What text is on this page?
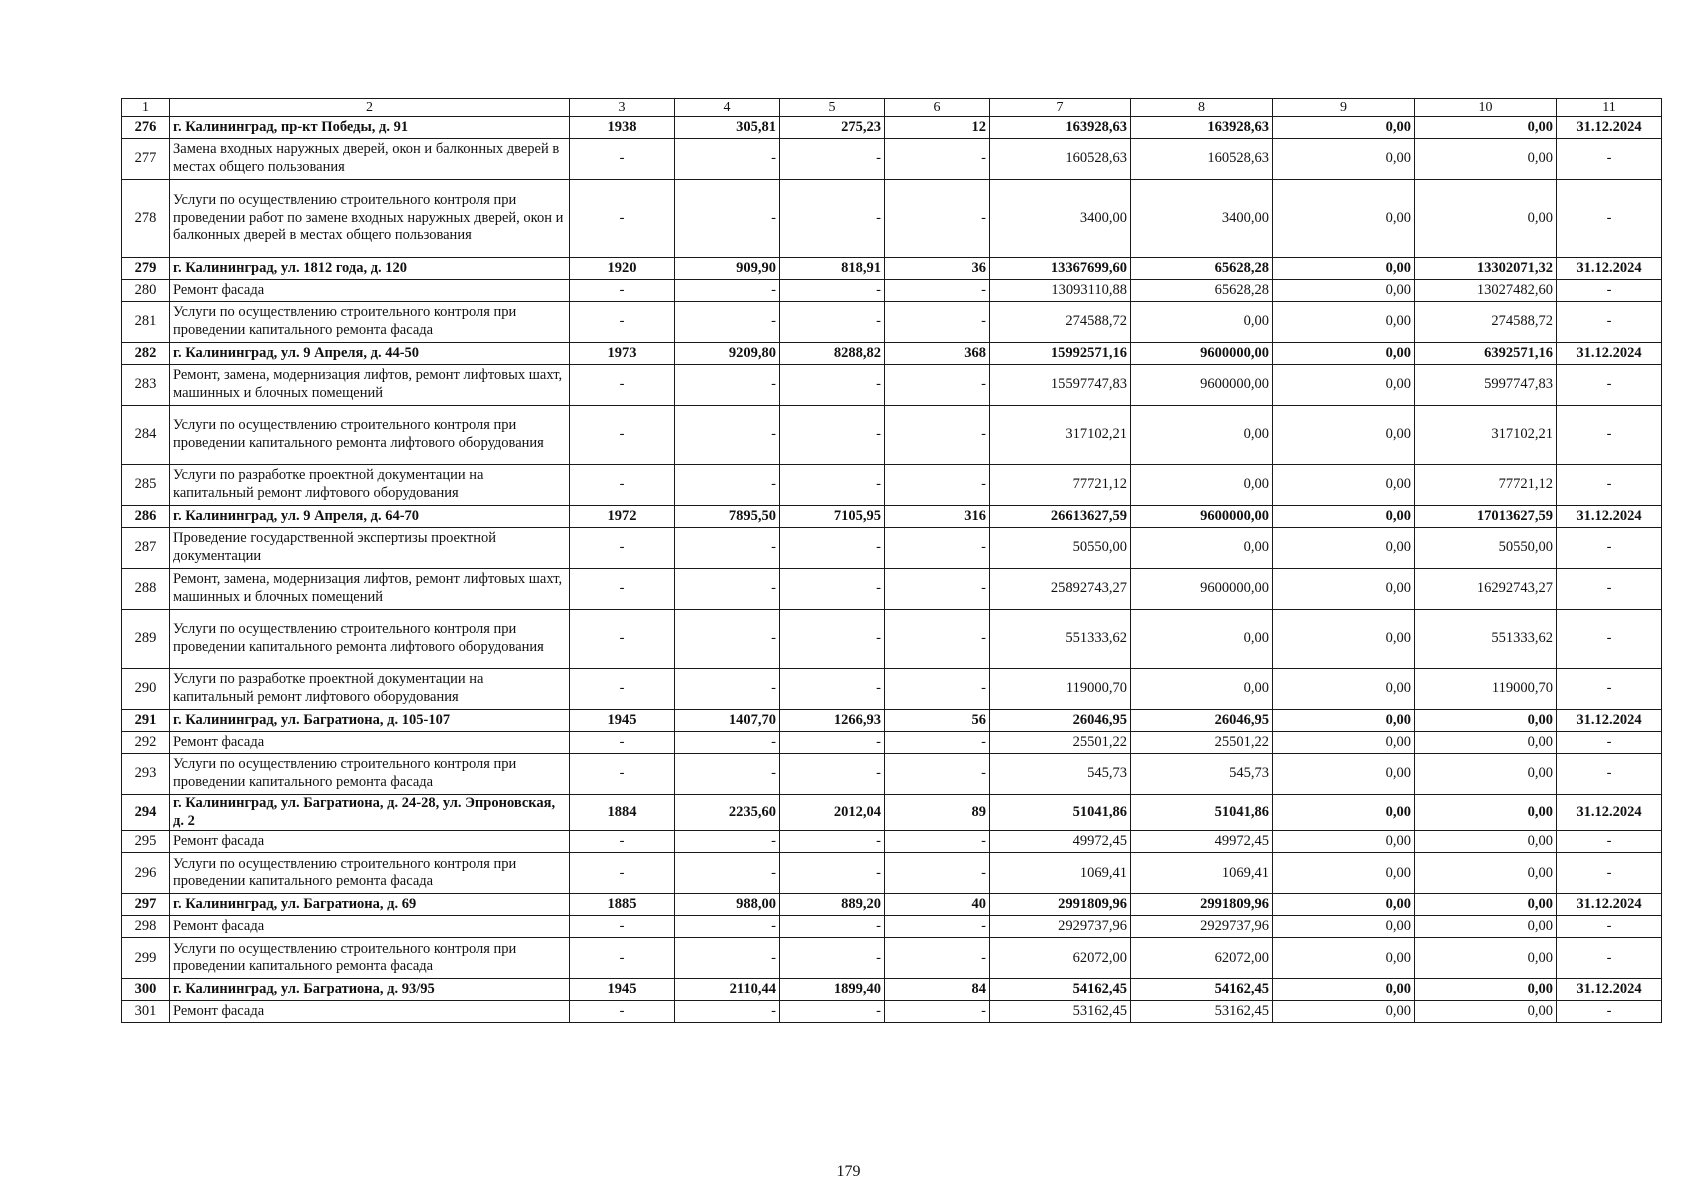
1	2	3	4	5	6	7	8	9	10	11
276	г. Калининград, пр-кт Победы, д. 91	1938	305,81	275,23	12	163928,63	163928,63	0,00	0,00	31.12.2024
277	Замена входных наружных дверей, окон и балконных дверей в местах общего пользования	-	-	-	-	160528,63	160528,63	0,00	0,00	-
278	Услуги по осуществлению строительного контроля при проведении работ по замене входных наружных дверей, окон и балконных дверей в местах общего пользования	-	-	-	-	3400,00	3400,00	0,00	0,00	-
279	г. Калининград, ул. 1812 года, д. 120	1920	909,90	818,91	36	13367699,60	65628,28	0,00	13302071,32	31.12.2024
280	Ремонт фасада	-	-	-	-	13093110,88	65628,28	0,00	13027482,60	-
281	Услуги по осуществлению строительного контроля при проведении капитального ремонта фасада	-	-	-	-	274588,72	0,00	0,00	274588,72	-
282	г. Калининград, ул. 9 Апреля, д. 44-50	1973	9209,80	8288,82	368	15992571,16	9600000,00	0,00	6392571,16	31.12.2024
283	Ремонт, замена, модернизация лифтов, ремонт лифтовых шахт, машинных и блочных помещений	-	-	-	-	15597747,83	9600000,00	0,00	5997747,83	-
284	Услуги по осуществлению строительного контроля при проведении капитального ремонта лифтового оборудования	-	-	-	-	317102,21	0,00	0,00	317102,21	-
285	Услуги по разработке проектной документации на капитальный ремонт лифтового оборудования	-	-	-	-	77721,12	0,00	0,00	77721,12	-
286	г. Калининград, ул. 9 Апреля, д. 64-70	1972	7895,50	7105,95	316	26613627,59	9600000,00	0,00	17013627,59	31.12.2024
287	Проведение государственной экспертизы проектной документации	-	-	-	-	50550,00	0,00	0,00	50550,00	-
288	Ремонт, замена, модернизация лифтов, ремонт лифтовых шахт, машинных и блочных помещений	-	-	-	-	25892743,27	9600000,00	0,00	16292743,27	-
289	Услуги по осуществлению строительного контроля при проведении капитального ремонта лифтового оборудования	-	-	-	-	551333,62	0,00	0,00	551333,62	-
290	Услуги по разработке проектной документации на капитальный ремонт лифтового оборудования	-	-	-	-	119000,70	0,00	0,00	119000,70	-
291	г. Калининград, ул. Багратиона, д. 105-107	1945	1407,70	1266,93	56	26046,95	26046,95	0,00	0,00	31.12.2024
292	Ремонт фасада	-	-	-	-	25501,22	25501,22	0,00	0,00	-
293	Услуги по осуществлению строительного контроля при проведении капитального ремонта фасада	-	-	-	-	545,73	545,73	0,00	0,00	-
294	г. Калининград, ул. Багратиона, д. 24-28, ул. Эпроновская, д. 2	1884	2235,60	2012,04	89	51041,86	51041,86	0,00	0,00	31.12.2024
295	Ремонт фасада	-	-	-	-	49972,45	49972,45	0,00	0,00	-
296	Услуги по осуществлению строительного контроля при проведении капитального ремонта фасада	-	-	-	-	1069,41	1069,41	0,00	0,00	-
297	г. Калининград, ул. Багратиона, д. 69	1885	988,00	889,20	40	2991809,96	2991809,96	0,00	0,00	31.12.2024
298	Ремонт фасада	-	-	-	-	2929737,96	2929737,96	0,00	0,00	-
299	Услуги по осуществлению строительного контроля при проведении капитального ремонта фасада	-	-	-	-	62072,00	62072,00	0,00	0,00	-
300	г. Калининград, ул. Багратиона, д. 93/95	1945	2110,44	1899,40	84	54162,45	54162,45	0,00	0,00	31.12.2024
301	Ремонт фасада	-	-	-	-	53162,45	53162,45	0,00	0,00	-
179
